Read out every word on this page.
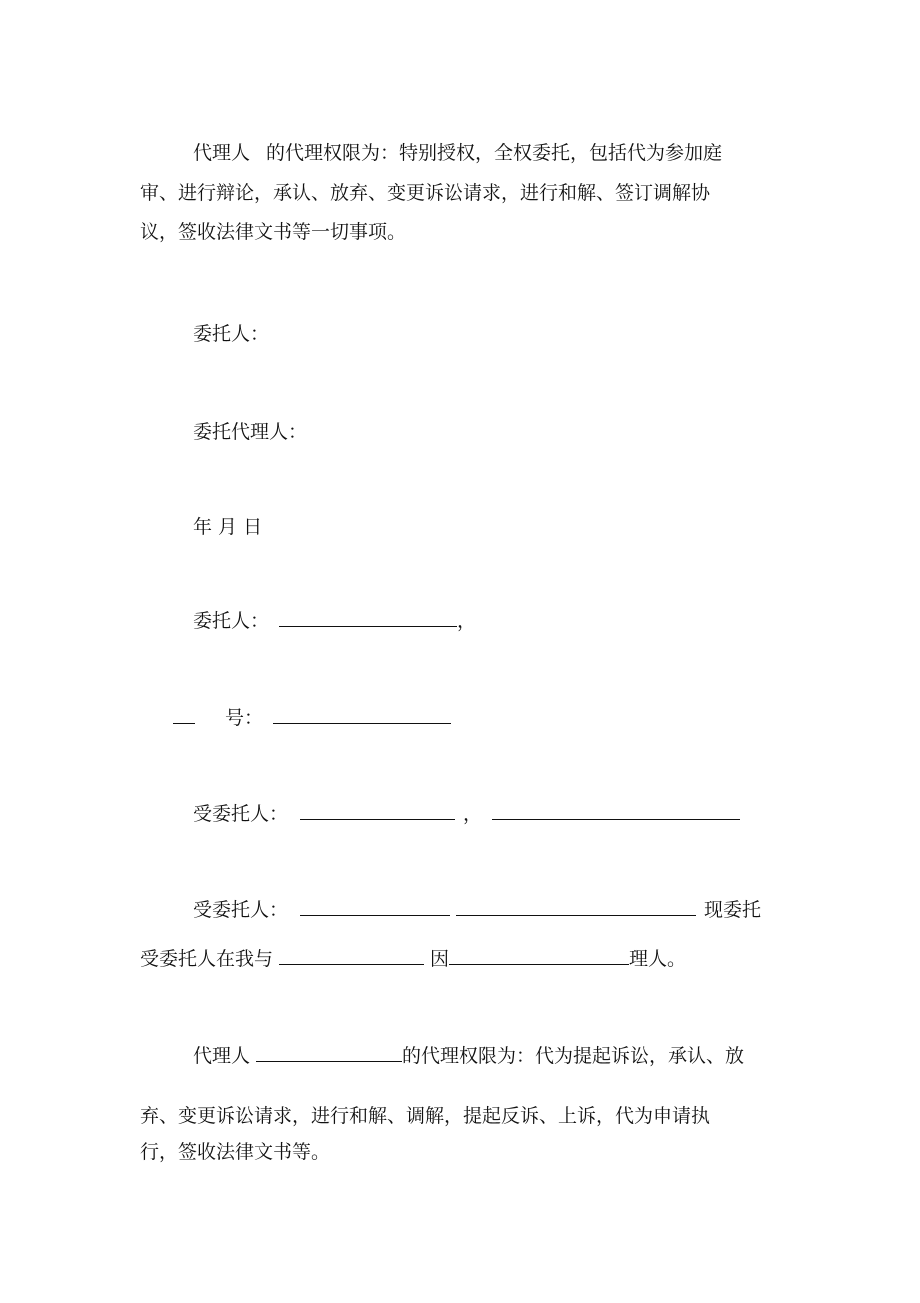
代理人 的代理权限为：特别授权，全权委托，包括代为参加庭
审、进行辩论，承认、放弃、变更诉讼请求，进行和解、签订调解协
议，签收法律文书等一切事项。
委托人：
委托代理人：
年 月 日
委托人：	，
号：
受委托人：	，
受委托人：	现委托
受委托人在我与	因	理人。
代理人	的代理权限为：代为提起诉讼，承认、放
弃、变更诉讼请求，进行和解、调解，提起反诉、上诉，代为申请执
行，签收法律文书等。
